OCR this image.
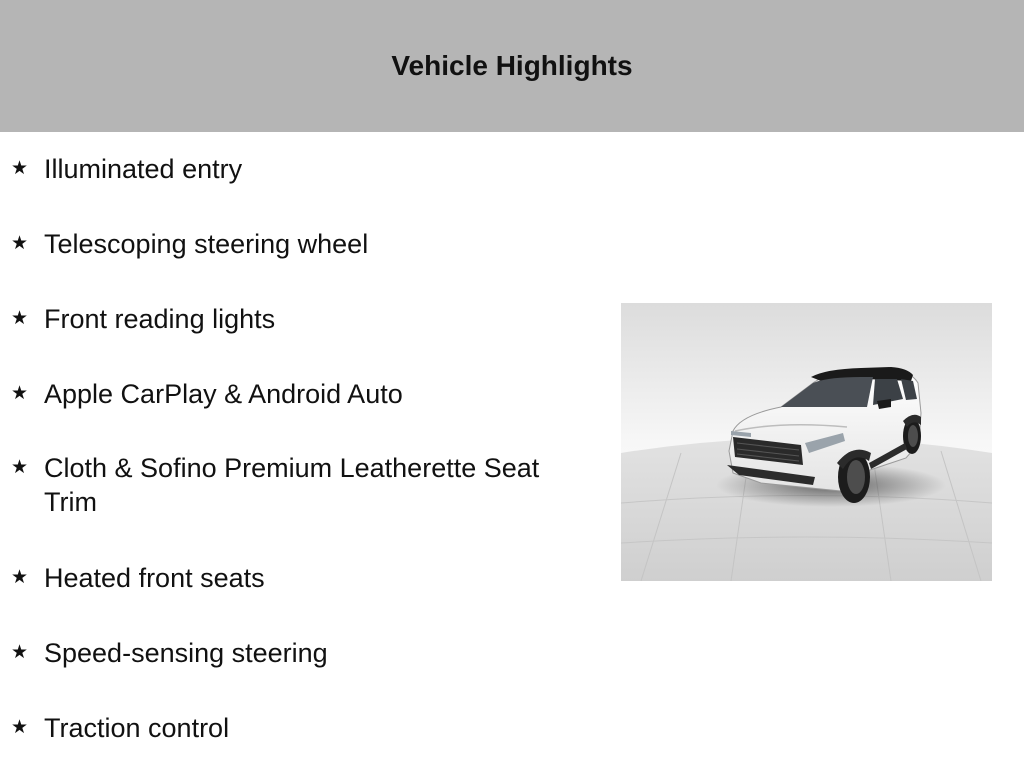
Vehicle Highlights
★ Illuminated entry
★ Telescoping steering wheel
★ Front reading lights
★ Apple CarPlay & Android Auto
★ Cloth & Sofino Premium Leatherette Seat Trim
★ Heated front seats
★ Speed-sensing steering
★ Traction control
